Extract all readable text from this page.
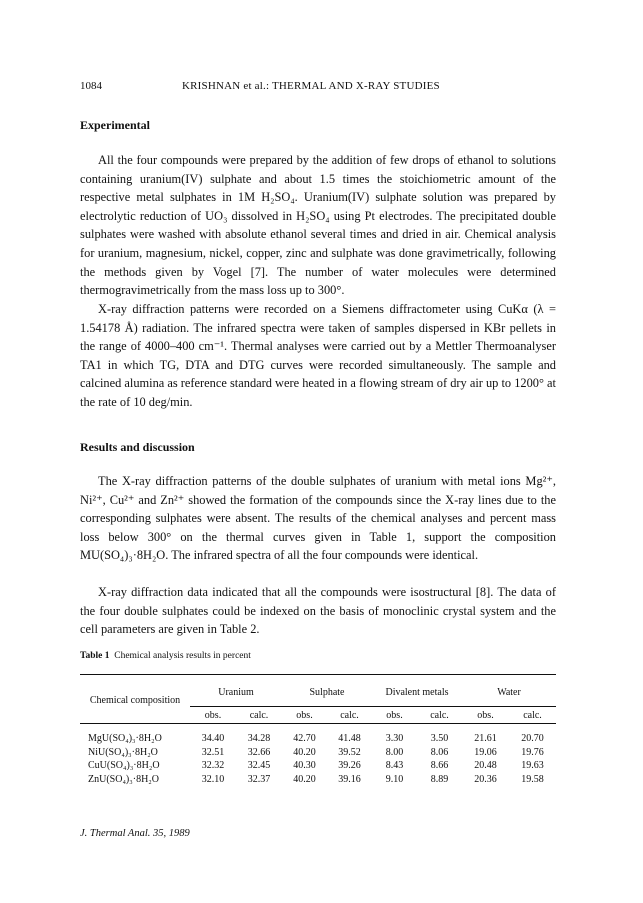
1084	KRISHNAN et al.: THERMAL AND X-RAY STUDIES
Experimental

All the four compounds were prepared by the addition of few drops of ethanol to solutions containing uranium(IV) sulphate and about 1.5 times the stoichiometric amount of the respective metal sulphates in 1M H₂SO₄. Uranium(IV) sulphate solution was prepared by electrolytic reduction of UO₃ dissolved in H₂SO₄ using Pt electrodes. The precipitated double sulphates were washed with absolute ethanol several times and dried in air. Chemical analysis for uranium, magnesium, nickel, copper, zinc and sulphate was done gravimetrically, following the methods given by Vogel [7]. The number of water molecules were determined thermogravimetrically from the mass loss up to 300°.

X-ray diffraction patterns were recorded on a Siemens diffractometer using CuKα (λ = 1.54178 Å) radiation. The infrared spectra were taken of samples dispersed in KBr pellets in the range of 4000–400 cm⁻¹. Thermal analyses were carried out by a Mettler Thermoanalyser TA1 in which TG, DTA and DTG curves were recorded simultaneously. The sample and calcined alumina as reference standard were heated in a flowing stream of dry air up to 1200° at the rate of 10 deg/min.

Results and discussion

The X-ray diffraction patterns of the double sulphates of uranium with metal ions Mg²⁺, Ni²⁺, Cu²⁺ and Zn²⁺ showed the formation of the compounds since the X-ray lines due to the corresponding sulphates were absent. The results of the chemical analyses and percent mass loss below 300° on the thermal curves given in Table 1, support the composition MU(SO₄)₃·8H₂O. The infrared spectra of all the four compounds were identical.

X-ray diffraction data indicated that all the compounds were isostructural [8]. The data of the four double sulphates could be indexed on the basis of monoclinic crystal system and the cell parameters are given in Table 2.

Table 1 Chemical analysis results in percent
Chemical composition	Uranium		Sulphate		Divalent metals		Water	
	obs.	calc.	obs.	calc.	obs.	calc.	obs.	calc.
MgU(SO₄)₃·8H₂O	34.40	34.28	42.70	41.48	3.30	3.50	21.61	20.70
NiU(SO₄)₃·8H₂O	32.51	32.66	40.20	39.52	8.00	8.06	19.06	19.76
CuU(SO₄)₃·8H₂O	32.32	32.45	40.30	39.26	8.43	8.66	20.48	19.63
ZnU(SO₄)₃·8H₂O	32.10	32.37	40.20	39.16	9.10	8.89	20.36	19.58
J. Thermal Anal. 35, 1989
